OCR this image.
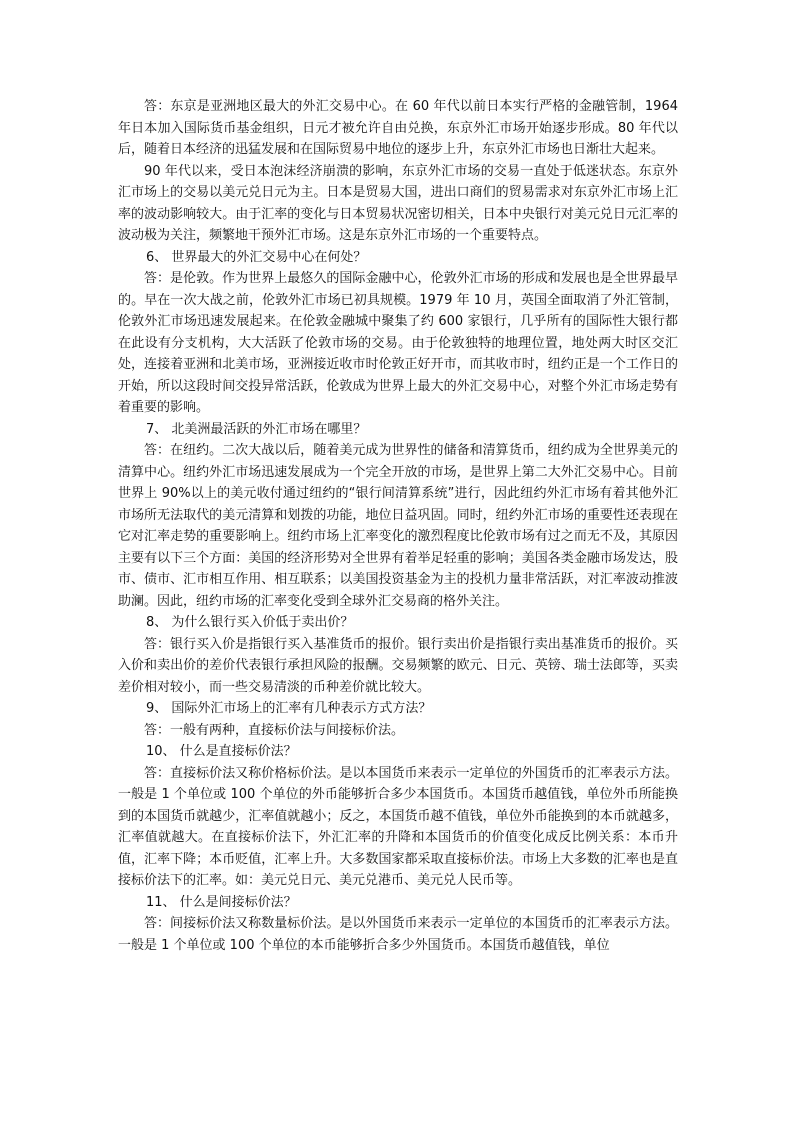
答：东京是亚洲地区最大的外汇交易中心。在 60 年代以前日本实行严格的金融管制，1964 年日本加入国际货币基金组织，日元才被允许自由兑换，东京外汇市场开始逐步形成。80 年代以后，随着日本经济的迅猛发展和在国际贸易中地位的逐步上升，东京外汇市场也日渐壮大起来。

90 年代以来，受日本泡沫经济崩溃的影响，东京外汇市场的交易一直处于低迷状态。东京外汇市场上的交易以美元兑日元为主。日本是贸易大国，进出口商们的贸易需求对东京外汇市场上汇率的波动影响较大。由于汇率的变化与日本贸易状况密切相关，日本中央银行对美元兑日元汇率的波动极为关注，频繁地干预外汇市场。这是东京外汇市场的一个重要特点。

6、 世界最大的外汇交易中心在何处？

答：是伦敦。作为世界上最悠久的国际金融中心，伦敦外汇市场的形成和发展也是全世界最早的。早在一次大战之前，伦敦外汇市场已初具规模。1979 年 10 月，英国全面取消了外汇管制，伦敦外汇市场迅速发展起来。在伦敦金融城中聚集了约 600 家银行，几乎所有的国际性大银行都在此设有分支机构，大大活跃了伦敦市场的交易。由于伦敦独特的地理位置，地处两大时区交汇处，连接着亚洲和北美市场，亚洲接近收市时伦敦正好开市，而其收市时，纽约正是一个工作日的开始，所以这段时间交投异常活跃，伦敦成为世界上最大的外汇交易中心，对整个外汇市场走势有着重要的影响。

7、 北美洲最活跃的外汇市场在哪里？

答：在纽约。二次大战以后，随着美元成为世界性的储备和清算货币，纽约成为全世界美元的清算中心。纽约外汇市场迅速发展成为一个完全开放的市场，是世界上第二大外汇交易中心。目前世界上 90%以上的美元收付通过纽约的“银行间清算系统”进行，因此纽约外汇市场有着其他外汇市场所无法取代的美元清算和划拨的功能，地位日益巩固。同时，纽约外汇市场的重要性还表现在它对汇率走势的重要影响上。纽约市场上汇率变化的激烈程度比伦敦市场有过之而无不及，其原因主要有以下三个方面：美国的经济形势对全世界有着举足轻重的影响；美国各类金融市场发达，股市、债市、汇市相互作用、相互联系；以美国投资基金为主的投机力量非常活跃，对汇率波动推波助澜。因此，纽约市场的汇率变化受到全球外汇交易商的格外关注。

8、 为什么银行买入价低于卖出价？

答：银行买入价是指银行买入基准货币的报价。银行卖出价是指银行卖出基准货币的报价。买入价和卖出价的差价代表银行承担风险的报酬。交易频繁的欧元、日元、英镑、瑞士法郎等，买卖差价相对较小，而一些交易清淡的币种差价就比较大。

9、 国际外汇市场上的汇率有几种表示方式方法？

答：一般有两种，直接标价法与间接标价法。

10、 什么是直接标价法？

答：直接标价法又称价格标价法。是以本国货币来表示一定单位的外国货币的汇率表示方法。一般是 1 个单位或 100 个单位的外币能够折合多少本国货币。本国货币越值钱，单位外币所能换到的本国货币就越少，汇率值就越小；反之，本国货币越不值钱，单位外币能换到的本币就越多，汇率值就越大。在直接标价法下，外汇汇率的升降和本国货币的价值变化成反比例关系：本币升值，汇率下降；本币贬值，汇率上升。大多数国家都采取直接标价法。市场上大多数的汇率也是直接标价法下的汇率。如：美元兑日元、美元兑港币、美元兑人民币等。

11、 什么是间接标价法？

答：间接标价法又称数量标价法。是以外国货币来表示一定单位的本国货币的汇率表示方法。一般是 1 个单位或 100 个单位的本币能够折合多少外国货币。本国货币越值钱，单位
